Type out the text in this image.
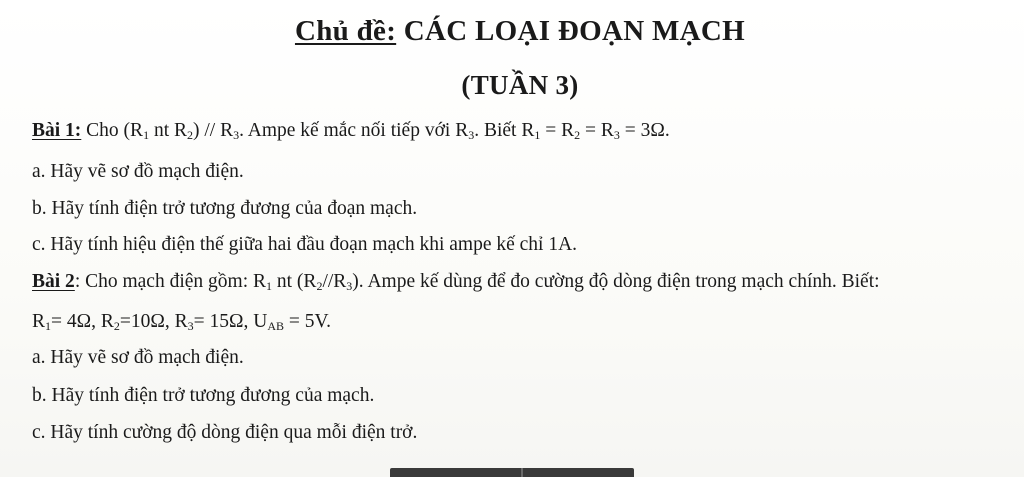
Chủ đề: CÁC LOẠI ĐOẠN MẠCH
(TUẦN 3)
Bài 1: Cho ($R_1$ nt $R_2) // R_3$. Ampe kế mắc nối tiếp với $R_3$. Biết $R_1 = R_2 = R_3 = 3\Omega$.
a. Hãy vẽ sơ đồ mạch điện.
b. Hãy tính điện trở tương đương của đoạn mạch.
c. Hãy tính hiệu điện thế giữa hai đầu đoạn mạch khi ampe kế chỉ 1A.
Bài 2: Cho mạch điện gồm: $R_1$ nt $(R_2//R_3)$. Ampe kế dùng để đo cường độ dòng điện trong mạch chính. Biết:
$R_1= 4\Omega$, $R_2=10\Omega$, $R_3= 15\Omega$, $U_{AB} = 5V$.
a. Hãy vẽ sơ đồ mạch điện.
b. Hãy tính điện trở tương đương của mạch.
c. Hãy tính cường độ dòng điện qua mỗi điện trở.
